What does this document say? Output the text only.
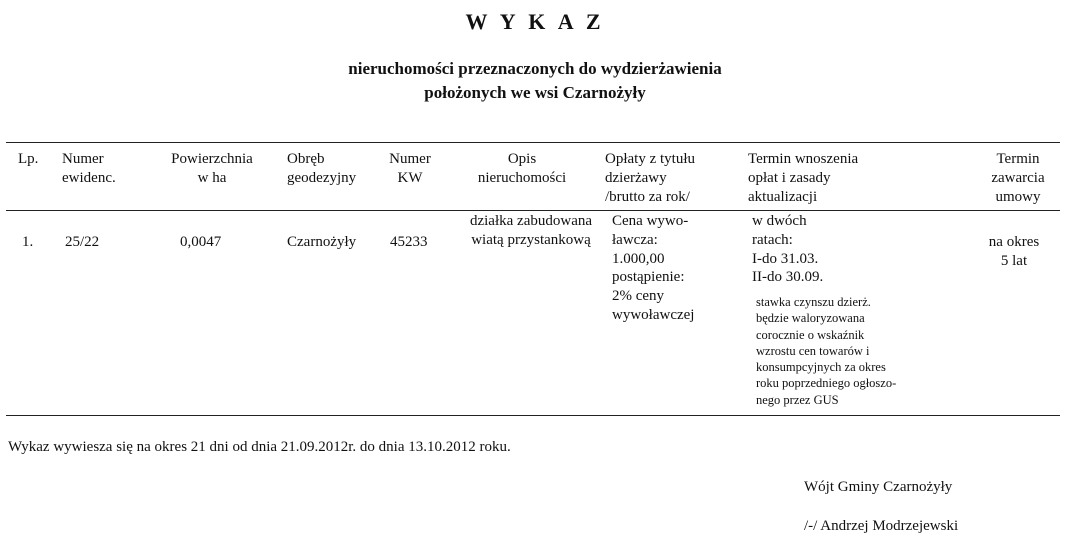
W Y K A Z
nieruchomości przeznaczonych do wydzierżawienia
położonych we wsi Czarnożyły
Lp. Numer
ewidenc.
Powierzchnia
w ha
Obręb
geodezyjny
Numer
KW
Opis
nieruchomości
Opłaty z tytułu
dzierżawy
/brutto za rok/
Termin wnoszenia
opłat i zasady
aktualizacji
Termin
zawarcia
umowy
1. 25/22	0,0047	Czarnożyły 45233
działka zabudowana
wiatą przystankową
Cena wywo-
ławcza:
1.000,00
postąpienie:
2% ceny
wywoławczej
w dwóch
ratach:
I-do 31.03.
II-do 30.09.
stawka czynszu dzierż.
będzie waloryzowana
corocznie o wskaźnik
wzrostu cen towarów i
konsumpcyjnych za okres
roku poprzedniego ogłoszo-
nego przez GUS
na okres
5 lat
Wykaz wywiesza się na okres 21 dni od dnia 21.09.2012r. do dnia 13.10.2012 roku.
Wójt Gminy Czarnożyły
/-/ Andrzej Modrzejewski
